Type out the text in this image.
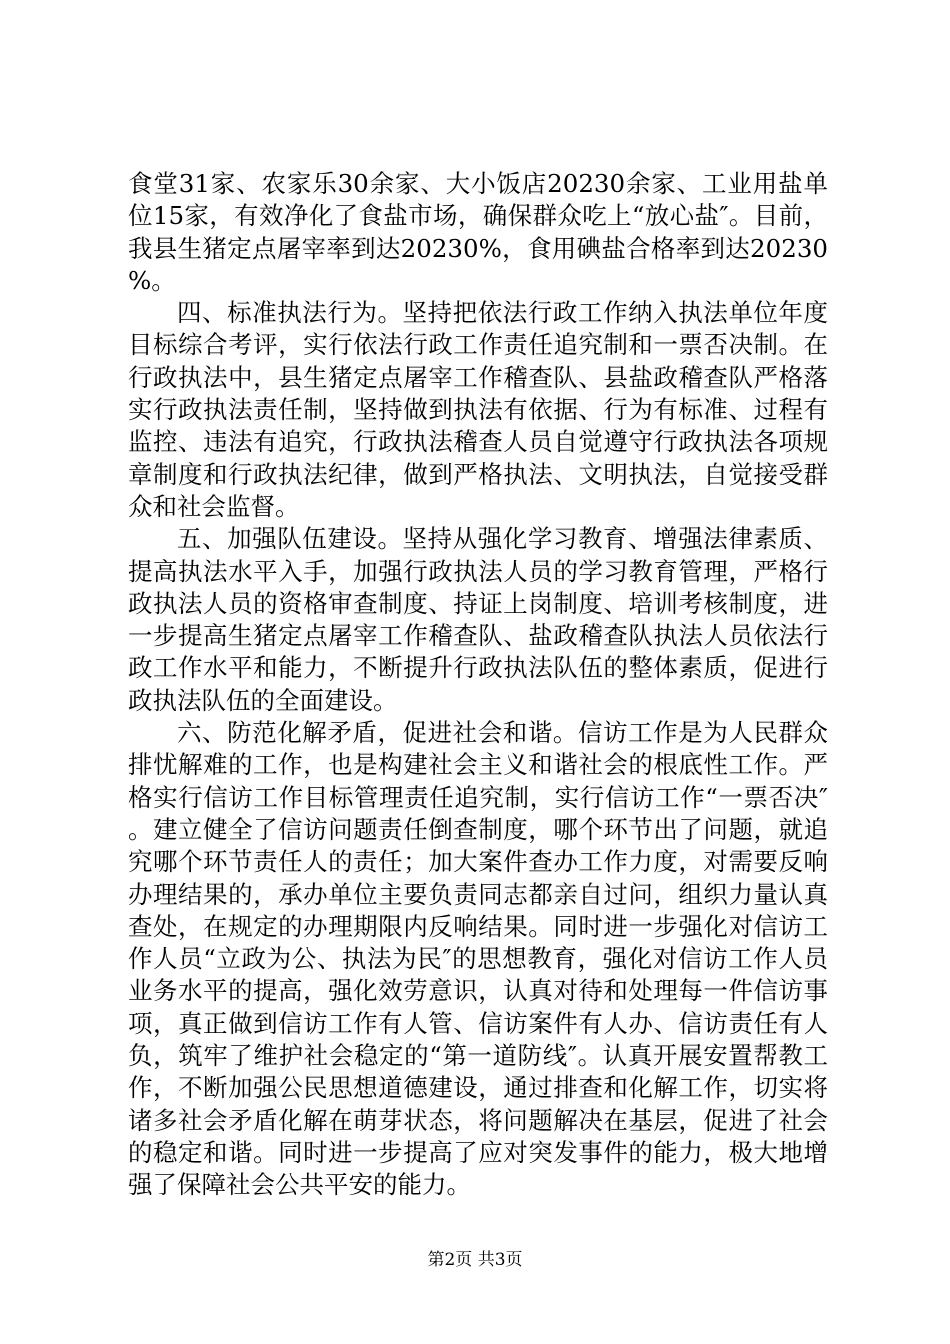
食堂31家、农家乐30余家、大小饭店20230余家、工业用盐单位15家，有效净化了食盐市场，确保群众吃上“放心盐″。目前，我县生猪定点屠宰率到达20230%，食用碘盐合格率到达20230%。

四、标准执法行为。坚持把依法行政工作纳入执法单位年度目标综合考评，实行依法行政工作责任追究制和一票否决制。在行政执法中，县生猪定点屠宰工作稽查队、县盐政稽查队严格落实行政执法责任制，坚持做到执法有依据、行为有标准、过程有监控、违法有追究，行政执法稽查人员自觉遵守行政执法各项规章制度和行政执法纪律，做到严格执法、文明执法，自觉接受群众和社会监督。

五、加强队伍建设。坚持从强化学习教育、增强法律素质、提高执法水平入手，加强行政执法人员的学习教育管理，严格行政执法人员的资格审查制度、持证上岗制度、培训考核制度，进一步提高生猪定点屠宰工作稽查队、盐政稽查队执法人员依法行政工作水平和能力，不断提升行政执法队伍的整体素质，促进行政执法队伍的全面建设。

六、防范化解矛盾，促进社会和谐。信访工作是为人民群众排忧解难的工作，也是构建社会主义和谐社会的根底性工作。严格实行信访工作目标管理责任追究制，实行信访工作“一票否决″。建立健全了信访问题责任倒查制度，哪个环节出了问题，就追究哪个环节责任人的责任；加大案件查办工作力度，对需要反响办理结果的，承办单位主要负责同志都亲自过问，组织力量认真查处，在规定的办理期限内反响结果。同时进一步强化对信访工作人员“立政为公、执法为民″的思想教育，强化对信访工作人员业务水平的提高，强化效劳意识，认真对待和处理每一件信访事项，真正做到信访工作有人管、信访案件有人办、信访责任有人负，筑牢了维护社会稳定的“第一道防线″。认真开展安置帮教工作，不断加强公民思想道德建设，通过排查和化解工作，切实将诸多社会矛盾化解在萌芽状态，将问题解决在基层，促进了社会的稳定和谐。同时进一步提高了应对突发事件的能力，极大地增强了保障社会公共平安的能力。

第2页 共3页
